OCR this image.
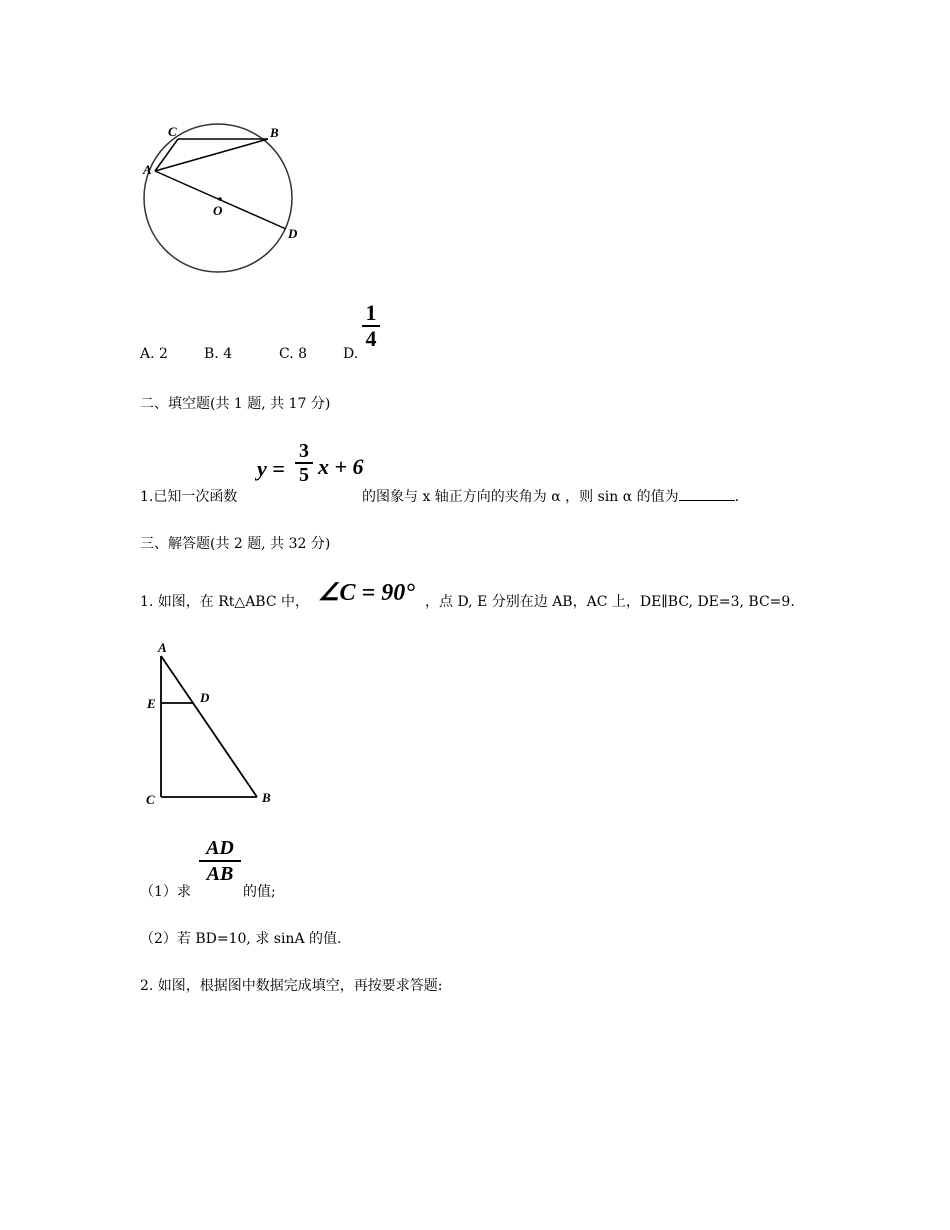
C	B
A
O
D
A. 2	B. 4	C. 8	D.
1
4
二、填空题(共 1 题, 共 17 分)
1.已知一次函数
y =
3
5 x + 6
的图象与 x 轴正方向的夹角为 α ，则 sin α 的值为	.
三、解答题(共 2 题, 共 32 分)
1. 如图，在 Rt△ABC 中， ∠C = 90° ，点 D, E 分别在边 AB，AC 上，DE∥BC, DE=3, BC=9.
A
E	D
C	B
（1）求
AD
AB
的值;
（2）若 BD=10, 求 sinA 的值.
2. 如图，根据图中数据完成填空，再按要求答题:
